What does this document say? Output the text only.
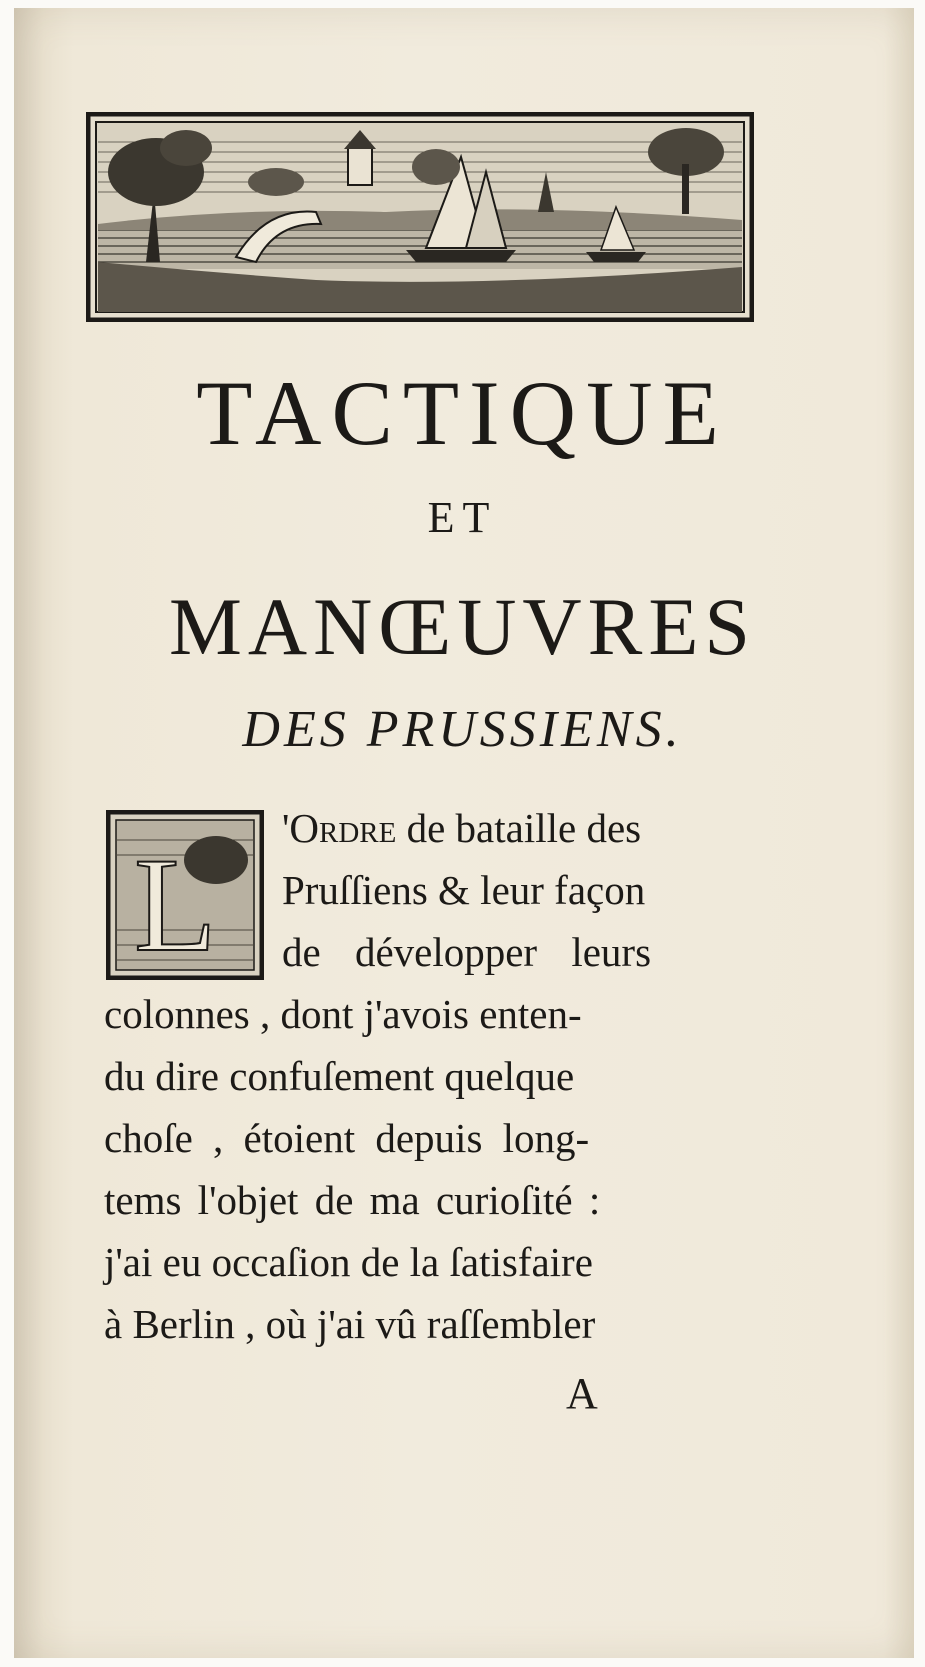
TACTIQUE
ET
MANŒUVRES
DES PRUSSIENS.
L

'Ordre de bataille des

Pruſſiens & leur façon

de développer leurs

colonnes , dont j'avois enten-

du dire confuſement quelque

choſe , étoient depuis long-

tems l'objet de ma curioſité :

j'ai eu occaſion de la ſatisfaire

à Berlin , où j'ai vû raſſembler

A
